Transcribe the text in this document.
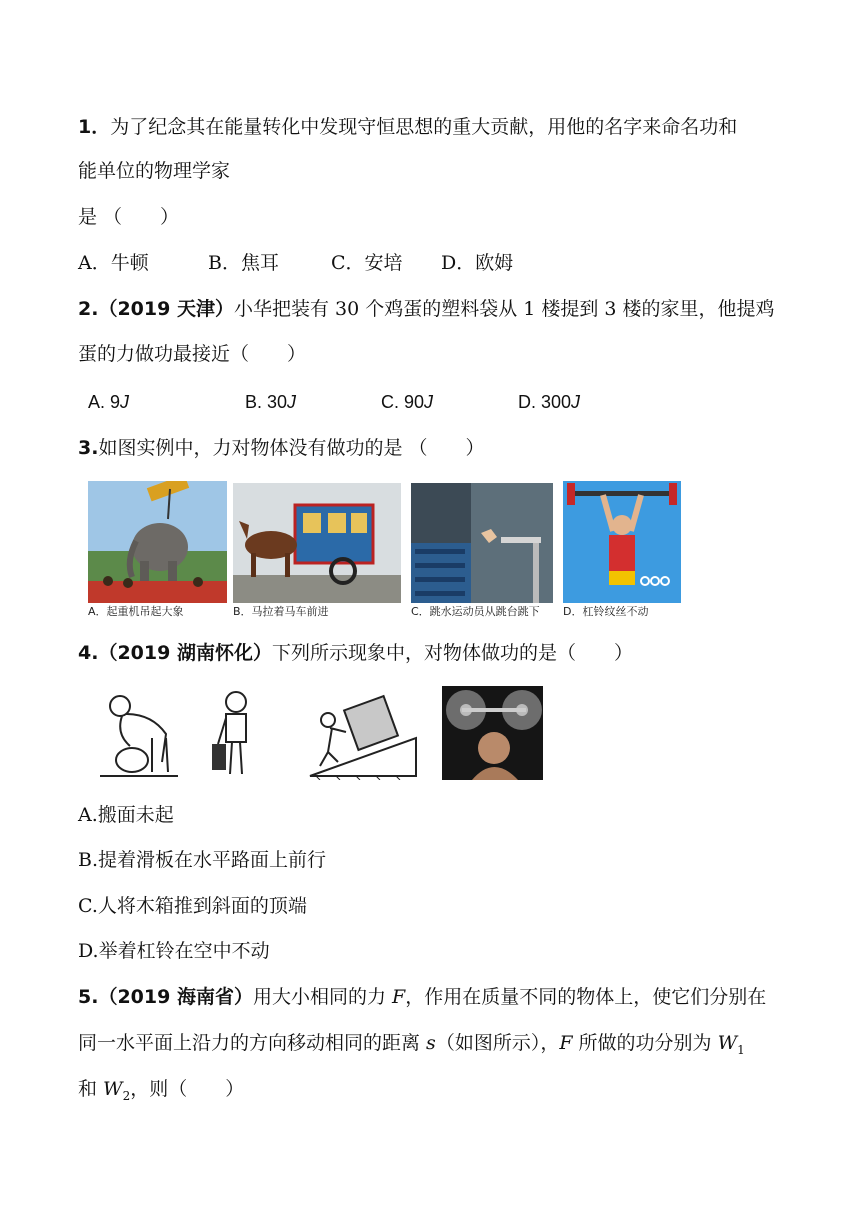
1．为了纪念其在能量转化中发现守恒思想的重大贡献，用他的名字来命名功和
能单位的物理学家
是 （　　）
A．牛顿	B．焦耳	C．安培 D．欧姆
2.（2019 天津）小华把装有 30 个鸡蛋的塑料袋从 1 楼提到 3 楼的家里，他提鸡
蛋的力做功最接近（　　）
A. 9J	B. 30J	C. 90J	D. 300J
3.如图实例中，力对物体没有做功的是 （　　）
A．起重机吊起大象	B．马拉着马车前进	C．跳水运动员从跳台跳下	D．杠铃纹丝不动
4.（2019 湖南怀化）下列所示现象中，对物体做功的是（　　）
A.搬面未起
B.提着滑板在水平路面上前行
C.人将木箱推到斜面的顶端
D.举着杠铃在空中不动
5.（2019 海南省）用大小相同的力 F，作用在质量不同的物体上，使它们分别在
同一水平面上沿力的方向移动相同的距离 s（如图所示），F 所做的功分别为 $W_1$
和 $W_2$，则（　　）
